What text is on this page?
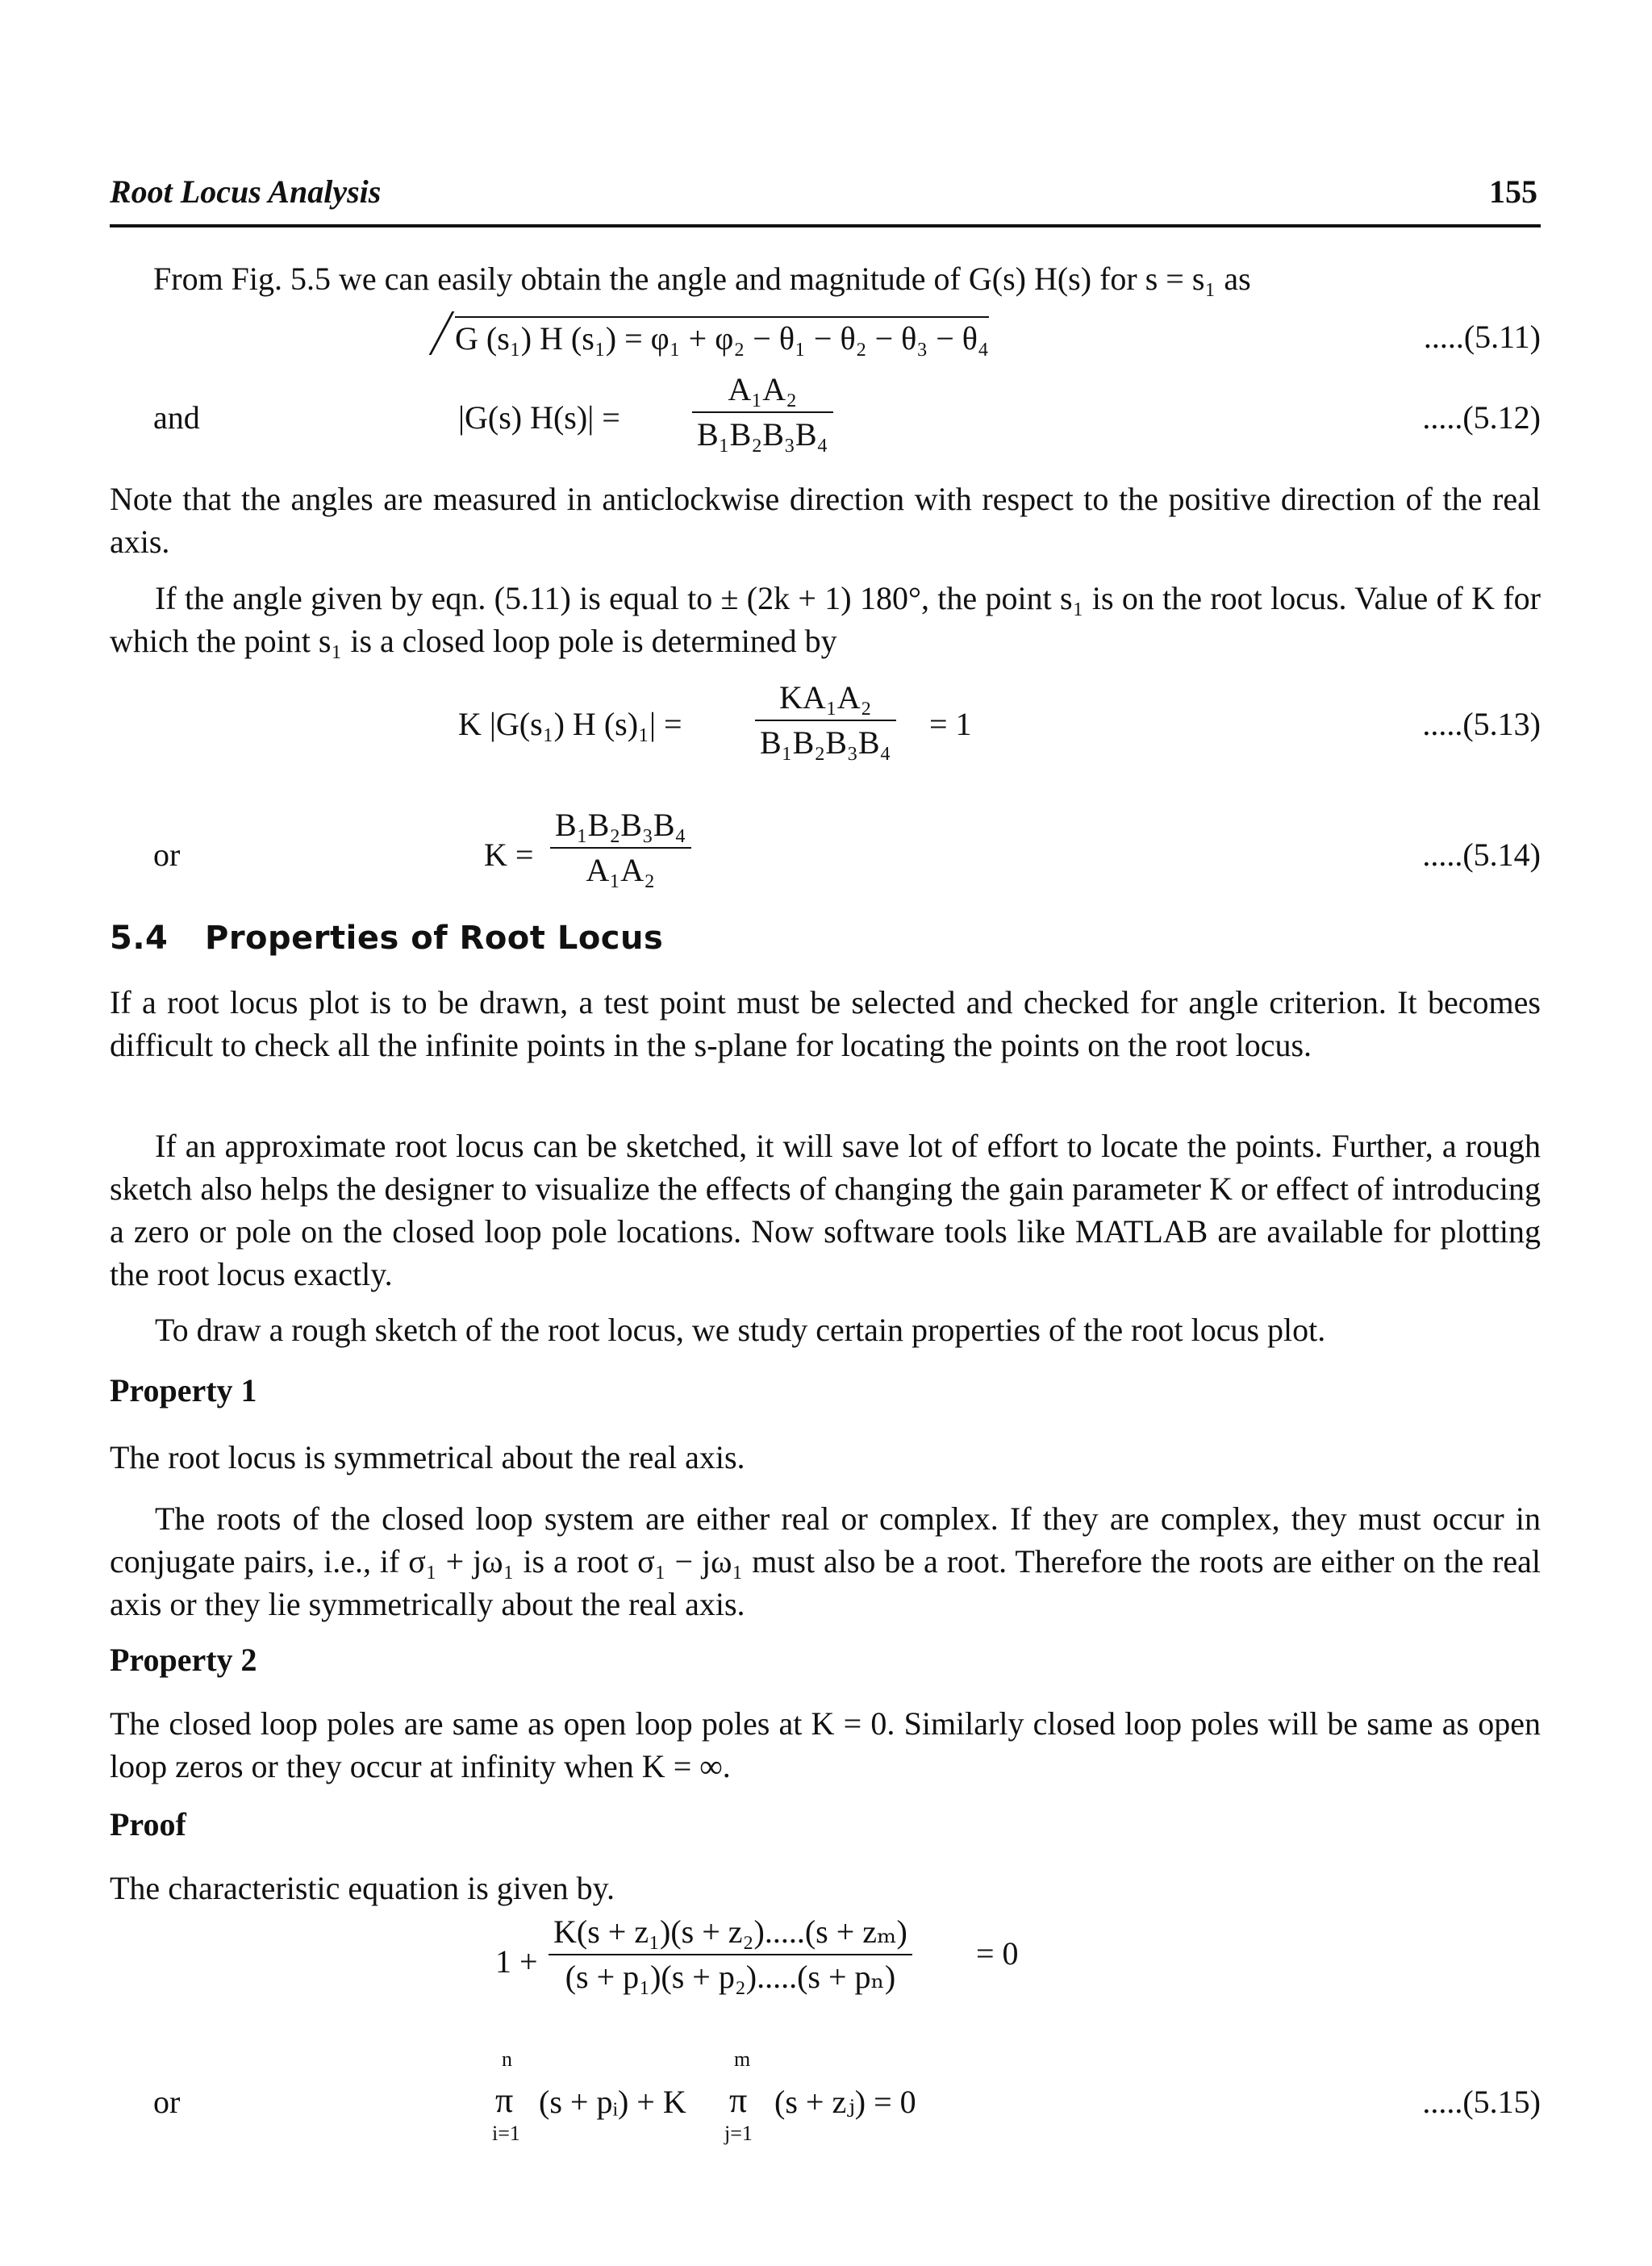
Root Locus Analysis	155
From Fig. 5.5 we can easily obtain the angle and magnitude of G(s) H(s) for s = s₁ as
G (s₁) H (s₁) = φ₁ + φ₂ − θ₁ − θ₂ − θ₃ − θ₄	.....(5.11)
and	|G(s) $H(s)| = \frac{\text{A₁A₂}}{\text{B₁B₂B₃B₄}}$	.....(5.12)
Note that the angles are measured in anticlockwise direction with respect to the positive direction of the real axis.
If the angle given by eqn. (5.11) is equal to ± (2k + 1) 180°, the point s₁ is on the root locus. Value of K for which the point s₁ is a closed loop pole is determined by
K |G(s₁) H $(s)_1| = \frac{\text{KA₁A₂}}{\text{B₁B₂B₃B₄}} = 1$	.....(5.13)
or	$K = \frac{\text{B₁B₂B₃B₄}}{\text{A₁A₂}}$	.....(5.14)
5.4 Properties of Root Locus
If a root locus plot is to be drawn, a test point must be selected and checked for angle criterion. It becomes difficult to check all the infinite points in the s-plane for locating the points on the root locus.
If an approximate root locus can be sketched, it will save lot of effort to locate the points. Further, a rough sketch also helps the designer to visualize the effects of changing the gain parameter K or effect of introducing a zero or pole on the closed loop pole locations. Now software tools like MATLAB are available for plotting the root locus exactly.
To draw a rough sketch of the root locus, we study certain properties of the root locus plot.
Property 1
The root locus is symmetrical about the real axis.
The roots of the closed loop system are either real or complex. If they are complex, they must occur in conjugate pairs, i.e., if σ₁ + jω₁ is a root σ₁ − jω₁ must also be a root. Therefore the roots are either on the real axis or they lie symmetrically about the real axis.
Property 2
The closed loop poles are same as open loop poles at K = 0. Similarly closed loop poles will be same as open loop zeros or they occur at infinity when K = ∞.
Proof
The characteristic equation is given by.
$1 + \frac{\text{K(s + z₁)(s + z₂).....(s + zₘ)}}{\text{(s + p₁)(s + p₂).....(s + pₙ)}} = 0$
or
n
π
i=1
(s + pᵢ) + K
m
π
j=1
(s + zⱼ) = 0	.....(5.15)
